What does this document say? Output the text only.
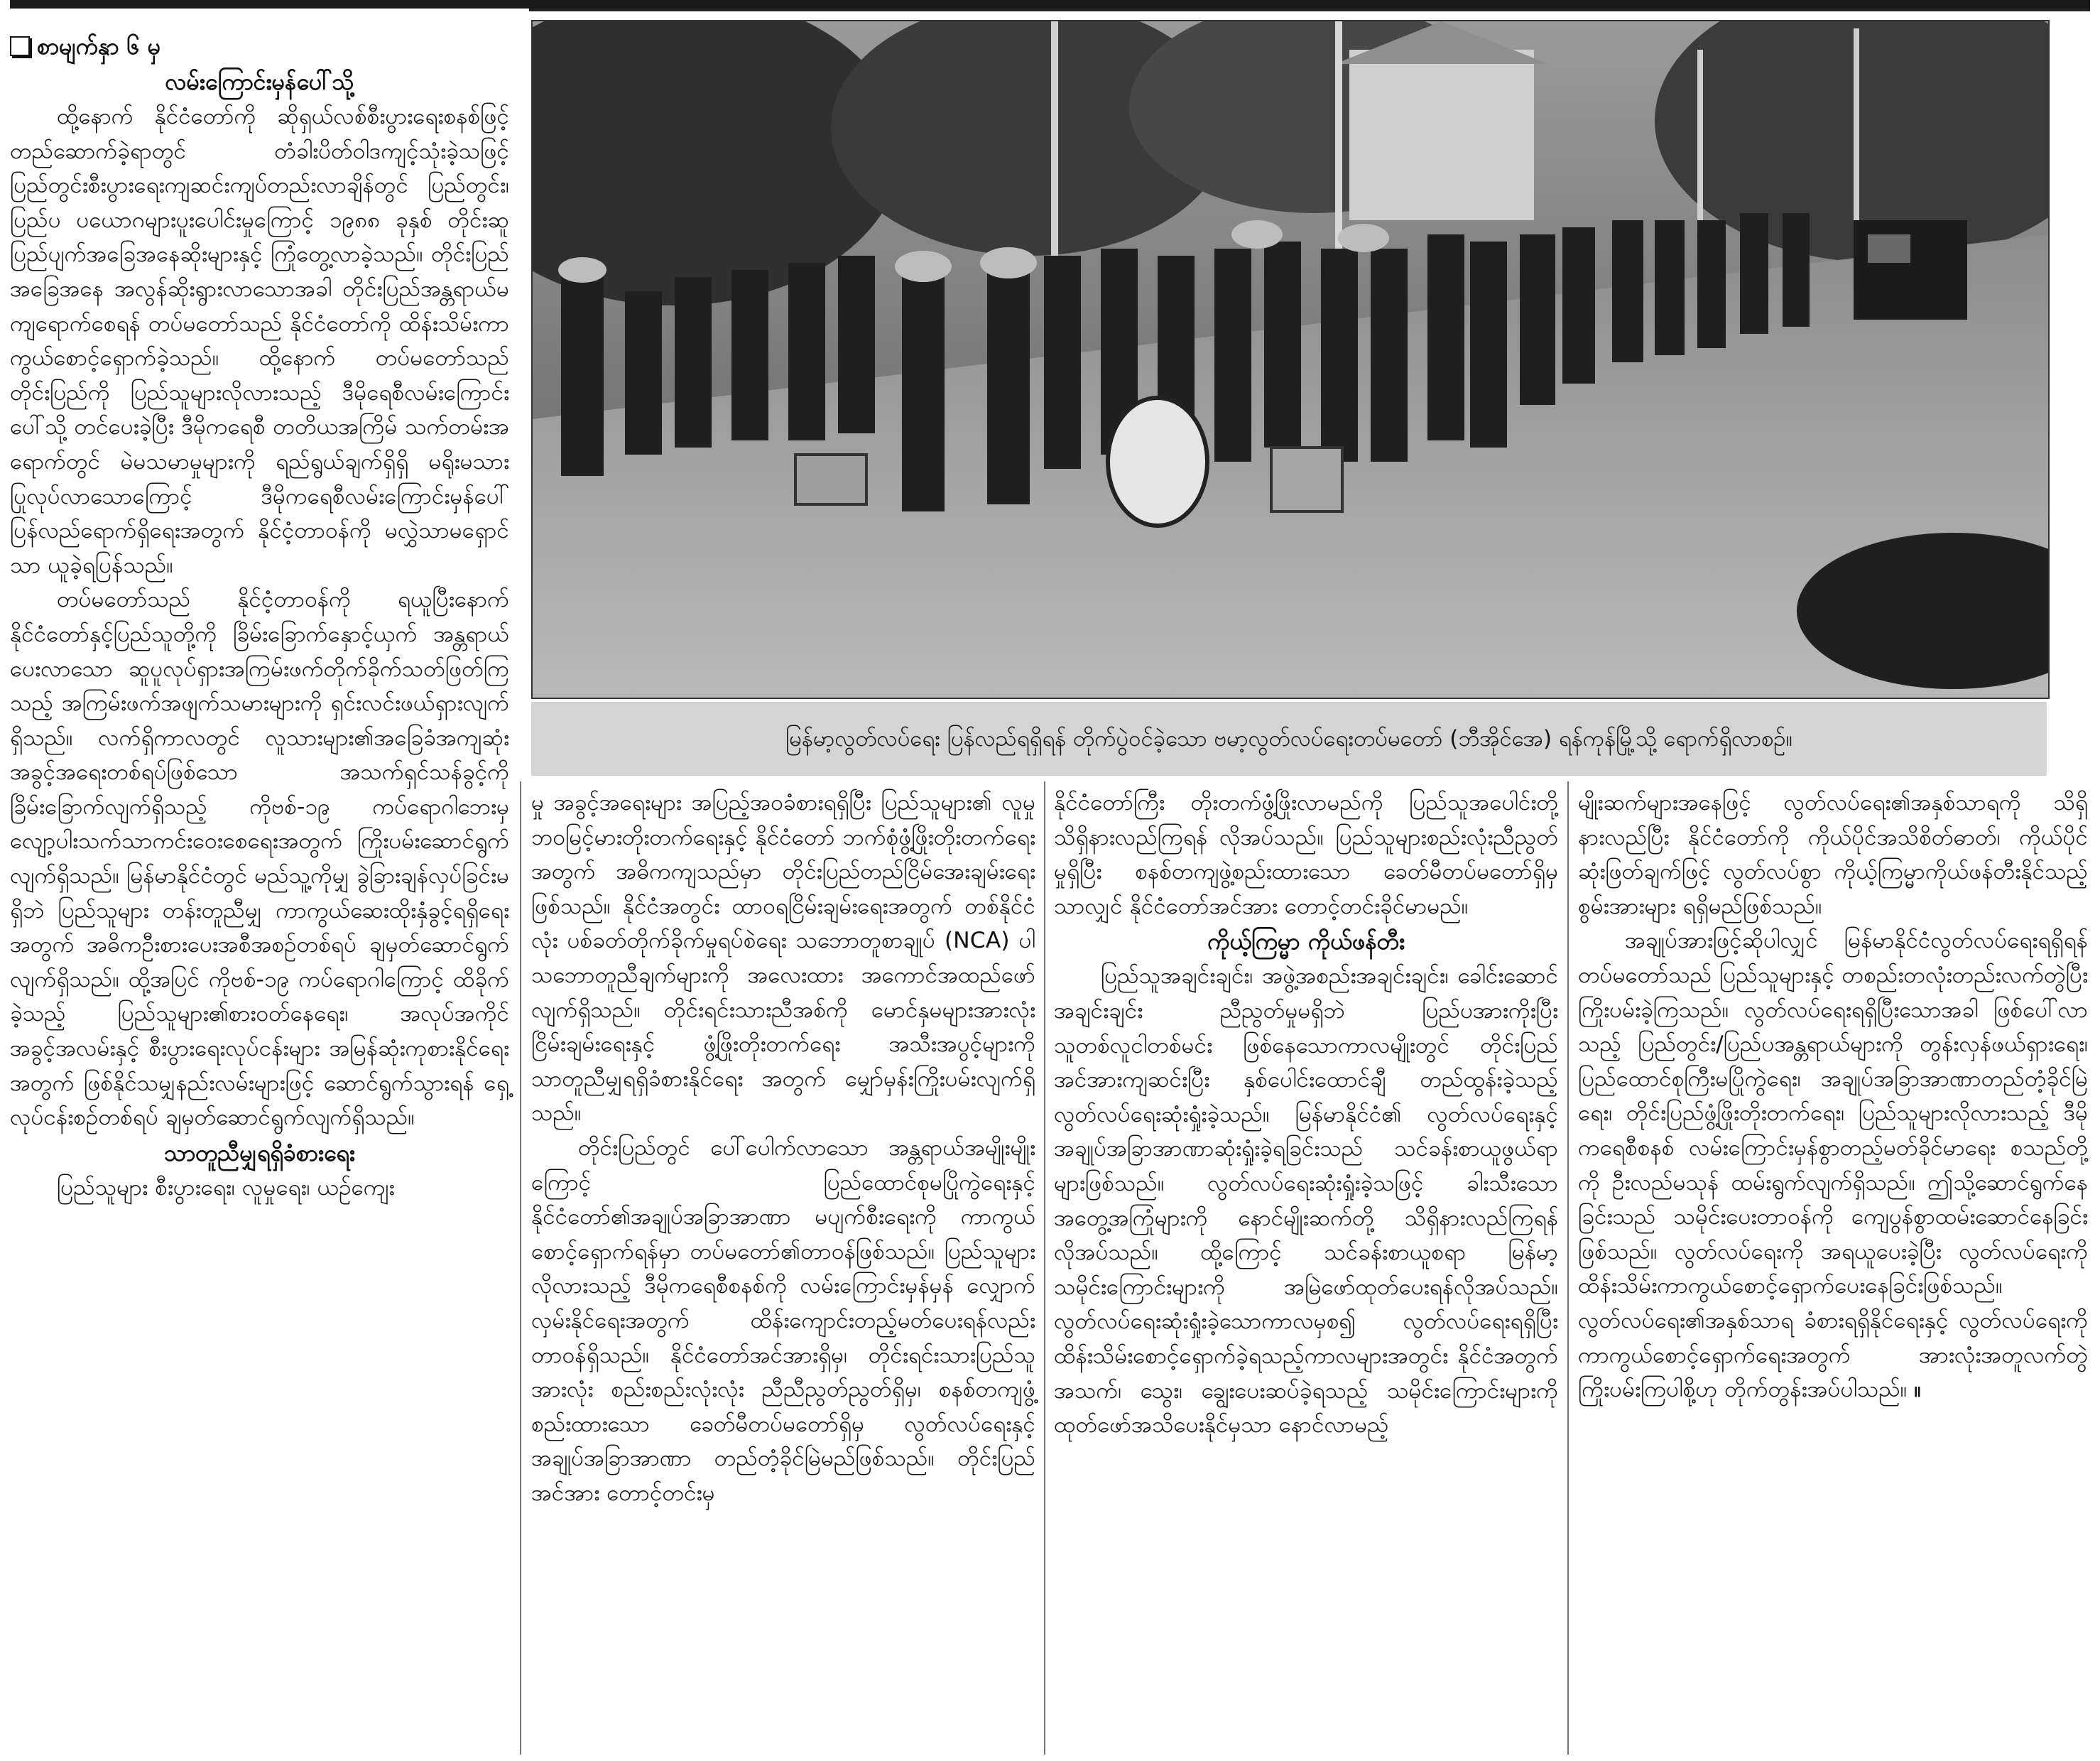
စာမျက်နှာ ၆ မှ
လမ်းကြောင်းမှန်ပေါ်သို့

ထို့နောက် နိုင်ငံတော်ကို ဆိုရှယ်လစ်စီးပွားရေးစနစ်ဖြင့် တည်ဆောက်ခဲ့ရာတွင် တံခါးပိတ်ဝါဒကျင့်သုံးခဲ့သဖြင့် ပြည်တွင်းစီးပွားရေးကျဆင်းကျပ်တည်းလာချိန်တွင် ပြည်တွင်း၊ ပြည်ပ ပယောဂများပူးပေါင်းမှုကြောင့် ၁၉၈၈ ခုနှစ် တိုင်းဆူပြည်ပျက်အခြေအနေဆိုးများနှင့် ကြုံတွေ့လာခဲ့သည်။ တိုင်းပြည်အခြေအနေ အလွန်ဆိုးရွားလာသောအခါ တိုင်းပြည်အန္တရာယ်မကျရောက်စေရန် တပ်မတော်သည် နိုင်ငံတော်ကို ထိန်းသိမ်းကာကွယ်စောင့်ရှောက်ခဲ့သည်။ ထို့နောက် တပ်မတော်သည် တိုင်းပြည်ကို ပြည်သူများလိုလားသည့် ဒီမိုရေစီလမ်းကြောင်းပေါ်သို့ တင်ပေးခဲ့ပြီး ဒီမိုကရေစီ တတိယအကြိမ် သက်တမ်းအရောက်တွင် မဲမသမာမှုများကို ရည်ရွယ်ချက်ရှိရှိ မရိုးမသားပြုလုပ်လာသောကြောင့် ဒီမိုကရေစီလမ်းကြောင်းမှန်ပေါ် ပြန်လည်ရောက်ရှိရေးအတွက် နိုင်ငံ့တာဝန်ကို မလွှဲသာမရှောင်သာ ယူခဲ့ရပြန်သည်။

တပ်မတော်သည် နိုင်ငံ့တာဝန်ကို ရယူပြီးနောက် နိုင်ငံတော်နှင့်ပြည်သူတို့ကို ခြိမ်းခြောက်နှောင့်ယှက် အန္တရာယ်ပေးလာသော ဆူပူလုပ်ရှားအကြမ်းဖက်တိုက်ခိုက်သတ်ဖြတ်ကြသည့် အကြမ်းဖက်အဖျက်သမားများကို ရှင်းလင်းဖယ်ရှားလျက်ရှိသည်။ လက်ရှိကာလတွင် လူသားများ၏အခြေခံအကျဆုံး အခွင့်အရေးတစ်ရပ်ဖြစ်သော အသက်ရှင်သန်ခွင့်ကို ခြိမ်းခြောက်လျက်ရှိသည့် ကိုဗစ်-၁၉ ကပ်ရောဂါဘေးမှ လျော့ပါးသက်သာကင်းဝေးစေရေးအတွက် ကြိုးပမ်းဆောင်ရွက်လျက်ရှိသည်။ မြန်မာနိုင်ငံတွင် မည်သူ့ကိုမျှ ခွဲခြားချန်လှပ်ခြင်းမရှိဘဲ ပြည်သူများ တန်းတူညီမျှ ကာကွယ်ဆေးထိုးနှံခွင့်ရရှိရေးအတွက် အဓိကဦးစားပေးအစီအစဉ်တစ်ရပ် ချမှတ်ဆောင်ရွက်လျက်ရှိသည်။ ထို့အပြင် ကိုဗစ်-၁၉ ကပ်ရောဂါကြောင့် ထိခိုက်ခဲ့သည့် ပြည်သူများ၏စားဝတ်နေရေး၊ အလုပ်အကိုင်အခွင့်အလမ်းနှင့် စီးပွားရေးလုပ်ငန်းများ အမြန်ဆုံးကုစားနိုင်ရေးအတွက် ဖြစ်နိုင်သမျှနည်းလမ်းများဖြင့် ဆောင်ရွက်သွားရန် ရှေ့လုပ်ငန်းစဉ်တစ်ရပ် ချမှတ်ဆောင်ရွက်လျက်ရှိသည်။

သာတူညီမျှရရှိခံစားရေး

ပြည်သူများ စီးပွားရေး၊ လူမှုရေး၊ ယဉ်ကျေး

မြန်မာ့လွတ်လပ်ရေး ပြန်လည်ရရှိရန် တိုက်ပွဲဝင်ခဲ့သော ဗမာ့လွတ်လပ်ရေးတပ်မတော် (ဘီအိုင်အေ) ရန်ကုန်မြို့သို့ ရောက်ရှိလာစဉ်။

မှု အခွင့်အရေးများ အပြည့်အဝခံစားရရှိပြီး ပြည်သူများ၏ လူမှုဘဝမြင့်မားတိုးတက်ရေးနှင့် နိုင်ငံတော် ဘက်စုံဖွံ့ဖြိုးတိုးတက်ရေးအတွက် အဓိကကျသည်မှာ တိုင်းပြည်တည်ငြိမ်အေးချမ်းရေးဖြစ်သည်။ နိုင်ငံအတွင်း ထာဝရငြိမ်းချမ်းရေးအတွက် တစ်နိုင်ငံလုံး ပစ်ခတ်တိုက်ခိုက်မှုရပ်စဲရေး သဘောတူစာချုပ် (NCA) ပါ သဘောတူညီချက်များကို အလေးထား အကောင်အထည်ဖော်လျက်ရှိသည်။ တိုင်းရင်းသားညီအစ်ကို မောင်နှမများအားလုံး ငြိမ်းချမ်းရေးနှင့် ဖွံ့ဖြိုးတိုးတက်ရေး အသီးအပွင့်များကို သာတူညီမျှရရှိခံစားနိုင်ရေး အတွက် မျှော်မှန်းကြိုးပမ်းလျက်ရှိသည်။

တိုင်းပြည်တွင် ပေါ်ပေါက်လာသော အန္တရာယ်အမျိုးမျိုးကြောင့် ပြည်ထောင်စုမပြိုကွဲရေးနှင့် နိုင်ငံတော်၏အချုပ်အခြာအာဏာ မပျက်စီးရေးကို ကာကွယ်စောင့်ရှောက်ရန်မှာ တပ်မတော်၏တာဝန်ဖြစ်သည်။ ပြည်သူများလိုလားသည့် ဒီမိုကရေစီစနစ်ကို လမ်းကြောင်းမှန်မှန် လျှောက်လှမ်းနိုင်ရေးအတွက် ထိန်းကျောင်းတည့်မတ်ပေးရန်လည်း တာဝန်ရှိသည်။ နိုင်ငံတော်အင်အားရှိမှ၊ တိုင်းရင်းသားပြည်သူအားလုံး စည်းစည်းလုံးလုံး ညီညီညွတ်ညွတ်ရှိမှ၊ စနစ်တကျဖွံ့စည်းထားသော ခေတ်မီတပ်မတော်ရှိမှ လွတ်လပ်ရေးနှင့်အချုပ်အခြာအာဏာ တည်တံ့ခိုင်မြဲမည်ဖြစ်သည်။ တိုင်းပြည်အင်အား တောင့်တင်းမှ

နိုင်ငံတော်ကြီး တိုးတက်ဖွံ့ဖြိုးလာမည်ကို ပြည်သူအပေါင်းတို့ သိရှိနားလည်ကြရန် လိုအပ်သည်။ ပြည်သူများစည်းလုံးညီညွတ်မှုရှိပြီး စနစ်တကျဖွဲ့စည်းထားသော ခေတ်မီတပ်မတော်ရှိမှသာလျှင် နိုင်ငံတော်အင်အား တောင့်တင်းခိုင်မာမည်။

ကိုယ့်ကြမ္မာ ကိုယ်ဖန်တီး

ပြည်သူအချင်းချင်း၊ အဖွဲ့အစည်းအချင်းချင်း၊ ခေါင်းဆောင်အချင်းချင်း ညီညွတ်မှုမရှိဘဲ ပြည်ပအားကိုးပြီး သူတစ်လူငါတစ်မင်း ဖြစ်နေသောကာလမျိုးတွင် တိုင်းပြည်အင်အားကျဆင်းပြီး နှစ်ပေါင်းထောင်ချီ တည်ထွန်းခဲ့သည့် လွတ်လပ်ရေးဆုံးရှုံးခဲ့သည်။ မြန်မာနိုင်ငံ၏ လွတ်လပ်ရေးနှင့် အချုပ်အခြာအာဏာဆုံးရှုံးခဲ့ရခြင်းသည် သင်ခန်းစာယူဖွယ်ရာများဖြစ်သည်။ လွတ်လပ်ရေးဆုံးရှုံးခဲ့သဖြင့် ခါးသီးသောအတွေ့အကြုံများကို နောင်မျိုးဆက်တို့ သိရှိနားလည်ကြရန် လိုအပ်သည်။ ထို့ကြောင့် သင်ခန်းစာယူစရာ မြန်မာ့သမိုင်းကြောင်းများကို အမြဲဖော်ထုတ်ပေးရန်လိုအပ်သည်။ လွတ်လပ်ရေးဆုံးရှုံးခဲ့သောကာလမှစ၍ လွတ်လပ်ရေးရရှိပြီး ထိန်းသိမ်းစောင့်ရှောက်ခဲ့ရသည့်ကာလများအတွင်း နိုင်ငံအတွက် အသက်၊ သွေး၊ ချွေးပေးဆပ်ခဲ့ရသည့် သမိုင်းကြောင်းများကို ထုတ်ဖော်အသိပေးနိုင်မှသာ နောင်လာမည့်

မျိုးဆက်များအနေဖြင့် လွတ်လပ်ရေး၏အနှစ်သာရကို သိရှိနားလည်ပြီး နိုင်ငံတော်ကို ကိုယ်ပိုင်အသိစိတ်ဓာတ်၊ ကိုယ်ပိုင်ဆုံးဖြတ်ချက်ဖြင့် လွတ်လပ်စွာ ကိုယ့်ကြမ္မာကိုယ်ဖန်တီးနိုင်သည့် စွမ်းအားများ ရရှိမည်ဖြစ်သည်။

အချုပ်အားဖြင့်ဆိုပါလျှင် မြန်မာနိုင်ငံလွတ်လပ်ရေးရရှိရန် တပ်မတော်သည် ပြည်သူများနှင့် တစည်းတလုံးတည်းလက်တွဲပြီး ကြိုးပမ်းခဲ့ကြသည်။ လွတ်လပ်ရေးရရှိပြီးသောအခါ ဖြစ်ပေါ်လာသည့် ပြည်တွင်း/ပြည်ပအန္တရာယ်များကို တွန်းလှန်ဖယ်ရှားရေး၊ ပြည်ထောင်စုကြီးမပြိုကွဲရေး၊ အချုပ်အခြာအာဏာတည်တံ့ခိုင်မြဲရေး၊ တိုင်းပြည်ဖွံ့ဖြိုးတိုးတက်ရေး၊ ပြည်သူများလိုလားသည့် ဒီမိုကရေစီစနစ် လမ်းကြောင်းမှန်စွာတည့်မတ်ခိုင်မာရေး စသည်တို့ကို ဦးလည်မသုန် ထမ်းရွက်လျက်ရှိသည်။ ဤသို့ဆောင်ရွက်နေခြင်းသည် သမိုင်းပေးတာဝန်ကို ကျေပွန်စွာထမ်းဆောင်နေခြင်းဖြစ်သည်။ လွတ်လပ်ရေးကို အရယူပေးခဲ့ပြီး လွတ်လပ်ရေးကို ထိန်းသိမ်းကာကွယ်စောင့်ရှောက်ပေးနေခြင်းဖြစ်သည်။ လွတ်လပ်ရေး၏အနှစ်သာရ ခံစားရရှိနိုင်ရေးနှင့် လွတ်လပ်ရေးကို ကာကွယ်စောင့်ရှောက်ရေးအတွက် အားလုံးအတူလက်တွဲကြိုးပမ်းကြပါစို့ဟု တိုက်တွန်းအပ်ပါသည်။ ။
